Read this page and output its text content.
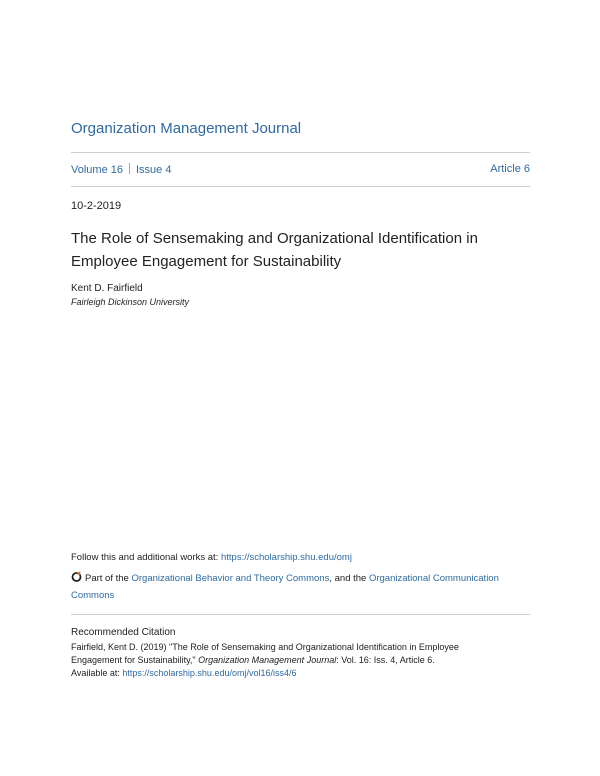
Organization Management Journal
Volume 16 Issue 4	Article 6
10-2-2019
The Role of Sensemaking and Organizational Identification in
Employee Engagement for Sustainability
Kent D. Fairfield
Fairleigh Dickinson University
Follow this and additional works at: https://scholarship.shu.edu/omj
Part of the Organizational Behavior and Theory Commons, and the Organizational Communication
Commons
Recommended Citation
Fairfield, Kent D. (2019) "The Role of Sensemaking and Organizational Identification in Employee
Engagement for Sustainability," Organization Management Journal: Vol. 16: Iss. 4, Article 6.
Available at: https://scholarship.shu.edu/omj/vol16/iss4/6
